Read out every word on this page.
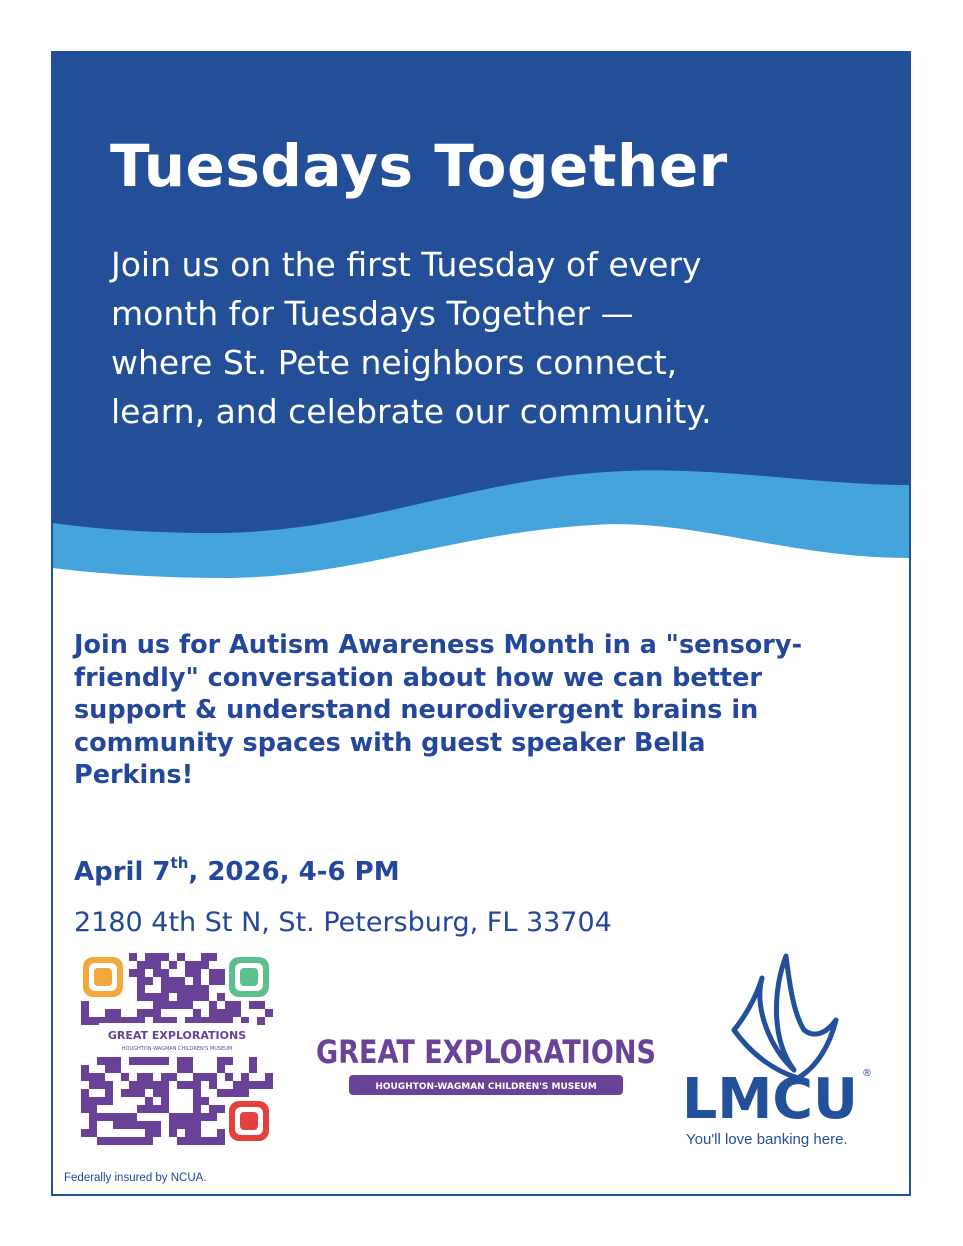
Tuesdays Together

Join us on the first Tuesday of every
month for Tuesdays Together —
where St. Pete neighbors connect,
learn, and celebrate our community.

Join us for Autism Awareness Month in a "sensory-
friendly" conversation about how we can better
support & understand neurodivergent brains in
community spaces with guest speaker Bella
Perkins!
April 7th, 2026, 4-6 PM
2180 4th St N, St. Petersburg, FL 33704
GREAT EXPLORATIONS
HOUGHTON-WAGMAN CHILDREN'S MUSEUM	GREAT EXPLORATIONS
HOUGHTON-WAGMAN CHILDREN'S MUSEUM LMCU ®
You'll love banking here.
Federally insured by NCUA.
